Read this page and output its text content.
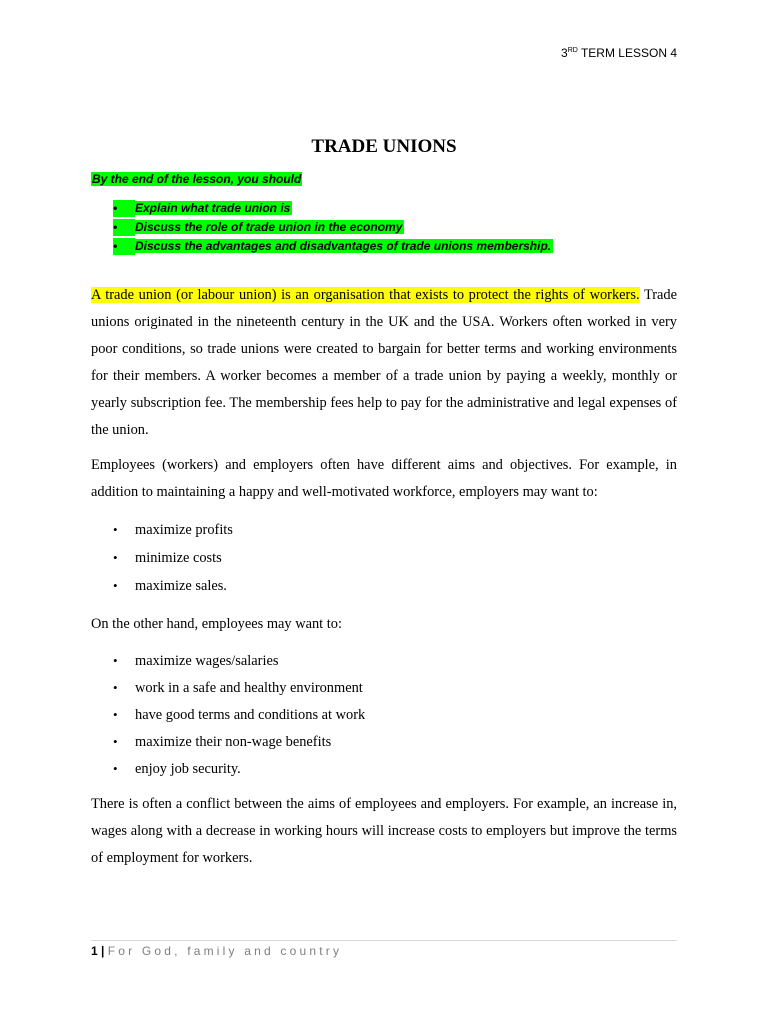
3RD TERM LESSON 4
TRADE UNIONS
By the end of the lesson, you should
• Explain what trade union is
• Discuss the role of trade union in the economy
• Discuss the advantages and disadvantages of trade unions membership.
A trade union (or labour union) is an organisation that exists to protect the rights of workers. Trade unions originated in the nineteenth century in the UK and the USA. Workers often worked in very poor conditions, so trade unions were created to bargain for better terms and working environments for their members. A worker becomes a member of a trade union by paying a weekly, monthly or yearly subscription fee. The membership fees help to pay for the administrative and legal expenses of the union.
Employees (workers) and employers often have different aims and objectives. For example, in addition to maintaining a happy and well-motivated workforce, employers may want to:
• maximize profits
• minimize costs
• maximize sales.
On the other hand, employees may want to:
• maximize wages/salaries
• work in a safe and healthy environment
• have good terms and conditions at work
• maximize their non-wage benefits
• enjoy job security.
There is often a conflict between the aims of employees and employers. For example, an increase in, wages along with a decrease in working hours will increase costs to employers but improve the terms of employment for workers.
1 | For God, family and country
